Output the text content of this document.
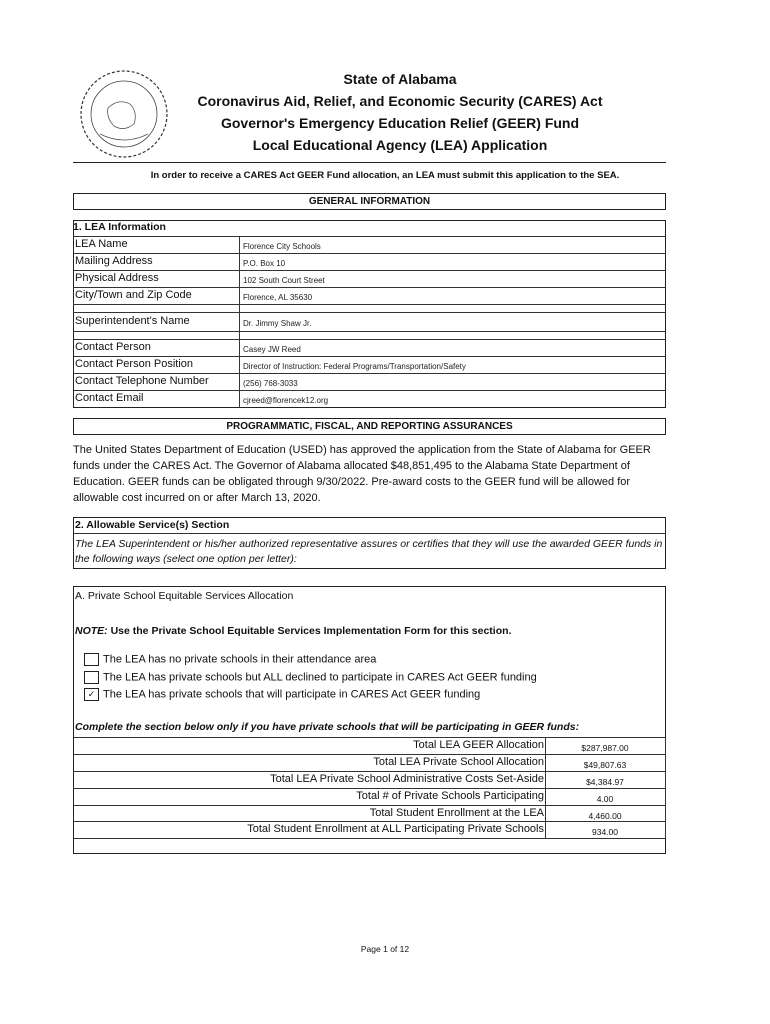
State of Alabama
Coronavirus Aid, Relief, and Economic Security (CARES) Act
Governor's Emergency Education Relief (GEER) Fund
Local Educational Agency (LEA) Application
In order to receive a CARES Act GEER Fund allocation, an LEA must submit this application to the SEA.
GENERAL INFORMATION
1. LEA Information
LEA Name	Florence City Schools
Mailing Address	P.O. Box 10
Physical Address	102 South Court Street
City/Town and Zip Code	Florence, AL 35630
Superintendent's Name	Dr. Jimmy Shaw Jr.
Contact Person	Casey JW Reed
Contact Person Position	Director of Instruction: Federal Programs/Transportation/Safety
Contact Telephone Number	(256) 768-3033
Contact Email	cjreed@florencek12.org
PROGRAMMATIC, FISCAL, AND REPORTING ASSURANCES
The United States Department of Education (USED) has approved the application from the State of Alabama for GEER funds under the CARES Act. The Governor of Alabama allocated $48,851,495 to the Alabama State Department of Education. GEER funds can be obligated through 9/30/2022. Pre-award costs to the GEER fund will be allowed for allowable cost incurred on or after March 13, 2020.
2. Allowable Service(s) Section
The LEA Superintendent or his/her authorized representative assures or certifies that they will use the awarded GEER funds in the following ways (select one option per letter):
A. Private School Equitable Services Allocation
NOTE: Use the Private School Equitable Services Implementation Form for this section.
The LEA has no private schools in their attendance area
The LEA has private schools but ALL declined to participate in CARES Act GEER funding
✓ The LEA has private schools that will participate in CARES Act GEER funding
Complete the section below only if you have private schools that will be participating in GEER funds:
Total LEA GEER Allocation	$287,987.00
Total LEA Private School Allocation	$49,807.63
Total LEA Private School Administrative Costs Set-Aside	$4,384.97
Total # of Private Schools Participating	4.00
Total Student Enrollment at the LEA	4,460.00
Total Student Enrollment at ALL Participating Private Schools	934.00
Page 1 of 12
